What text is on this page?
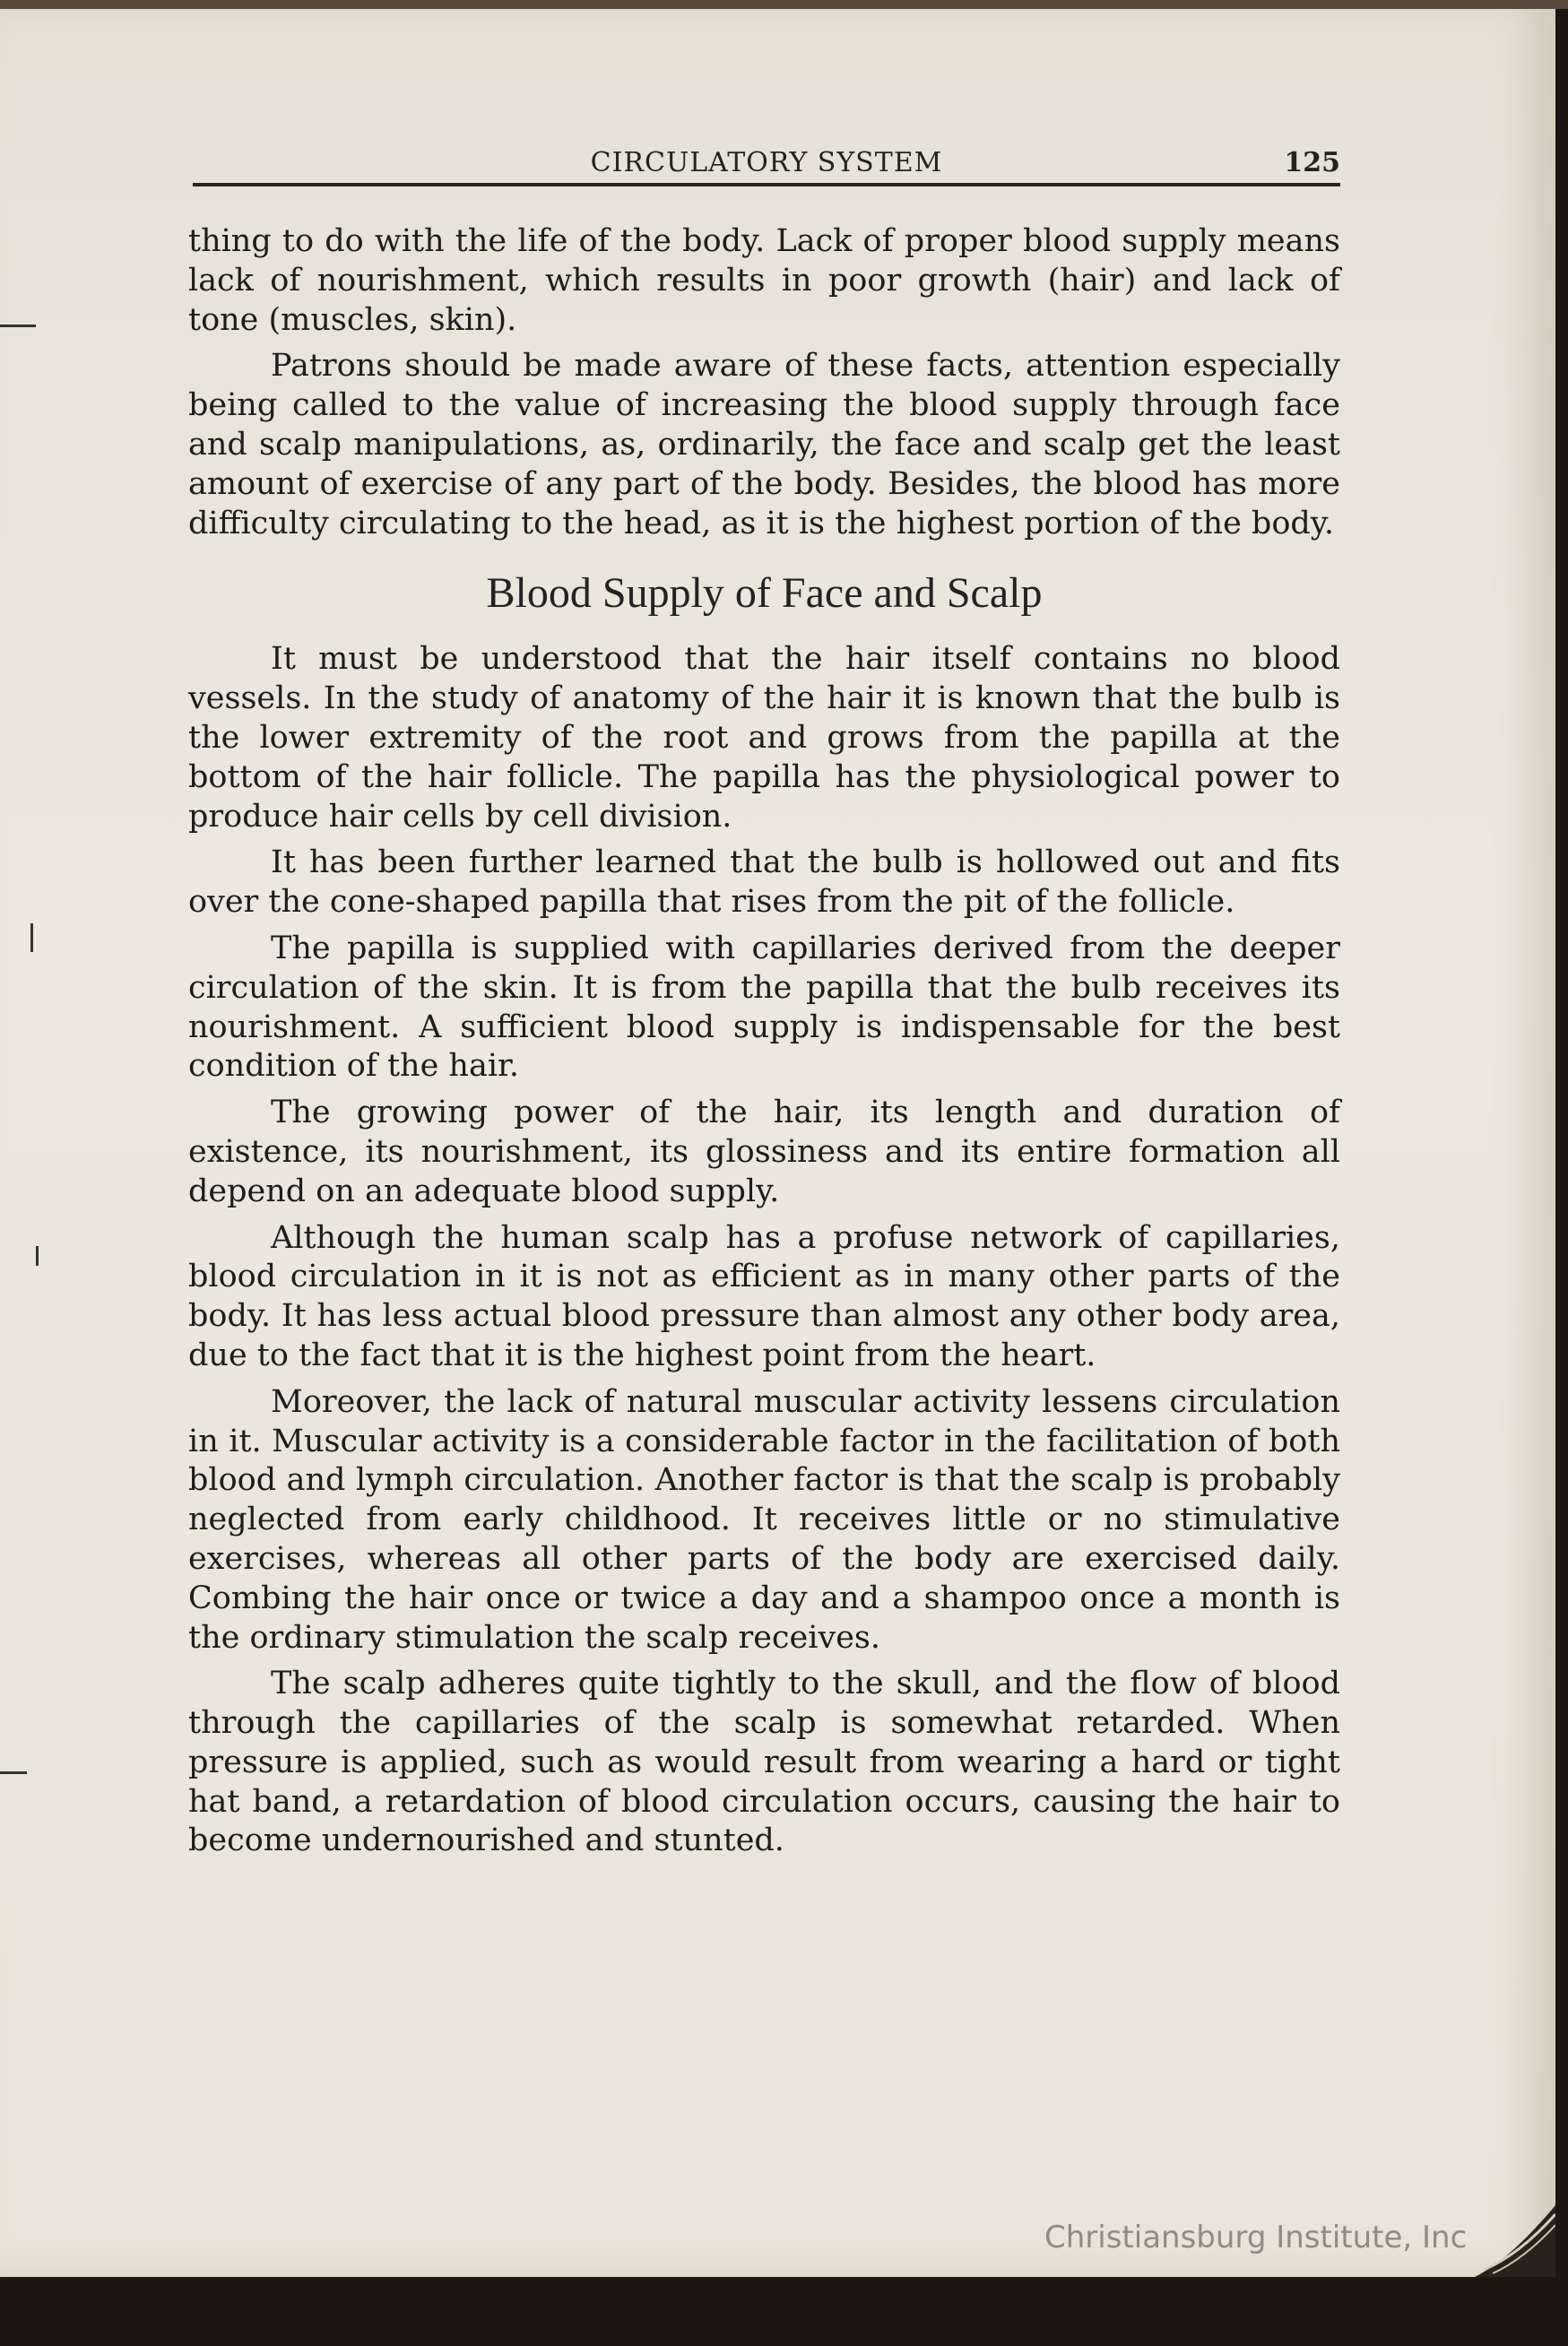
CIRCULATORY SYSTEM	125

thing to do with the life of the body. Lack of proper blood supply means lack of nourishment, which results in poor growth (hair) and lack of tone (muscles, skin).

Patrons should be made aware of these facts, attention especially being called to the value of increasing the blood supply through face and scalp manipulations, as, ordinarily, the face and scalp get the least amount of exercise of any part of the body. Besides, the blood has more difficulty circulating to the head, as it is the highest portion of the body.

Blood Supply of Face and Scalp

It must be understood that the hair itself contains no blood vessels. In the study of anatomy of the hair it is known that the bulb is the lower extremity of the root and grows from the papilla at the bottom of the hair follicle. The papilla has the physiological power to produce hair cells by cell division.

It has been further learned that the bulb is hollowed out and fits over the cone-shaped papilla that rises from the pit of the follicle.

The papilla is supplied with capillaries derived from the deeper circulation of the skin. It is from the papilla that the bulb receives its nourishment. A sufficient blood supply is indispensable for the best condition of the hair.

The growing power of the hair, its length and duration of existence, its nourishment, its glossiness and its entire formation all depend on an adequate blood supply.

Although the human scalp has a profuse network of capillaries, blood circulation in it is not as efficient as in many other parts of the body. It has less actual blood pressure than almost any other body area, due to the fact that it is the highest point from the heart.

Moreover, the lack of natural muscular activity lessens circulation in it. Muscular activity is a considerable factor in the facilitation of both blood and lymph circulation. Another factor is that the scalp is probably neglected from early childhood. It receives little or no stimulative exercises, whereas all other parts of the body are exercised daily. Combing the hair once or twice a day and a shampoo once a month is the ordinary stimulation the scalp receives.

The scalp adheres quite tightly to the skull, and the flow of blood through the capillaries of the scalp is somewhat retarded. When pressure is applied, such as would result from wearing a hard or tight hat band, a retardation of blood circulation occurs, causing the hair to become undernourished and stunted.

Christiansburg Institute, Inc
